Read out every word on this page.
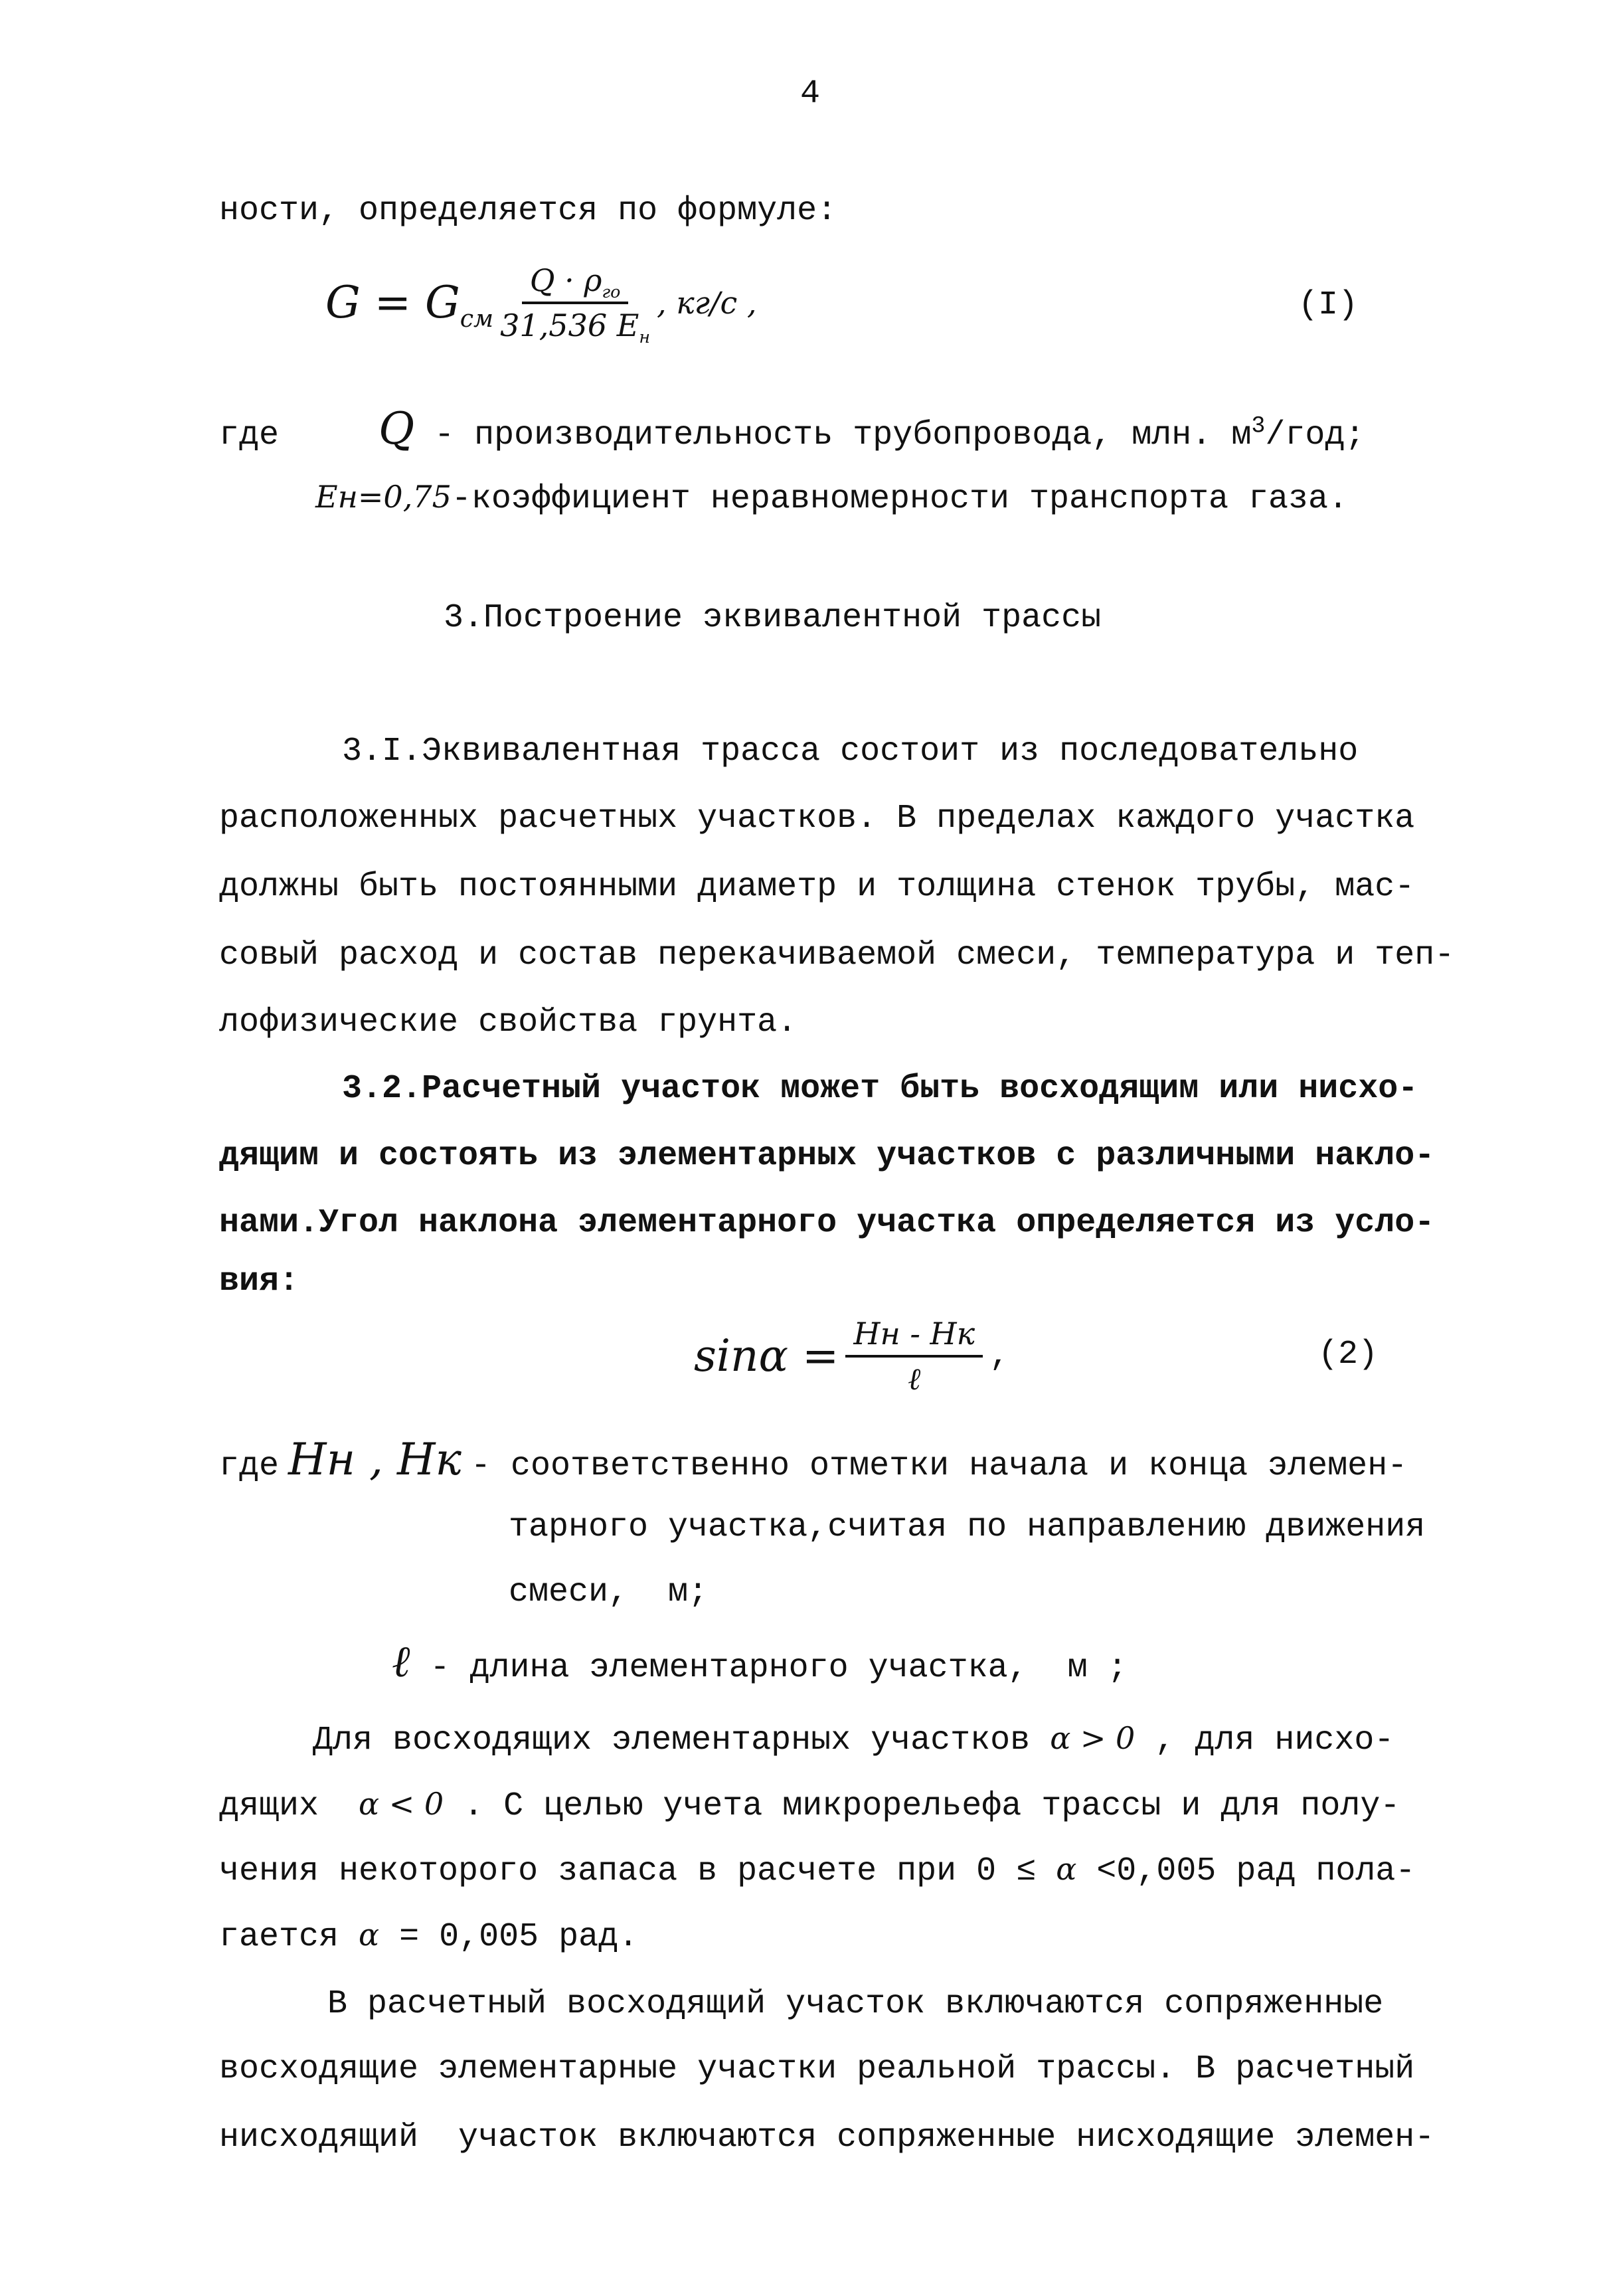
4
ности, определяется по формуле:
$G = G_{см} \frac{Q \cdot \rho_{го}}{31,536 E_н}$ , кг/с ,	(I)
где Q - производительность трубопровода, млн. $м^3$/год;
Eн=0,75-коэффициент неравномерности транспорта газа.
3.Построение эквивалентной трассы
3.I.Эквивалентная трасса состоит из последовательно
расположенных расчетных участков. В пределах каждого участка
должны быть постоянными диаметр и толщина стенок трубы, мас-
совый расход и состав перекачиваемой смеси, температура и теп-
лофизические свойства грунта.
3.2.Расчетный участок может быть восходящим или нисхо-
дящим и состоять из элементарных участков с различными накло-
нами.Угол наклона элементарного участка определяется из усло-
вия:
$\sin\alpha = \frac{Hн - Hк}{\text{ℓ}}$ ,	(2)
где Hн , Hк - соответственно отметки начала и конца элемен-
тарного участка,считая по направлению движения
смеси,  м;
ℓ - длина элементарного участка,  м ;
Для восходящих элементарных участков α > 0 , для нисхо-
дящих  α < 0 . С целью учета микрорельефа трассы и для полу-
чения некоторого запаса в расчете при 0 ≤ α <0,005 рад пола-
гается α = 0,005 рад.
В расчетный восходящий участок включаются сопряженные
восходящие элементарные участки реальной трассы. В расчетный
нисходящий  участок включаются сопряженные нисходящие элемен-
